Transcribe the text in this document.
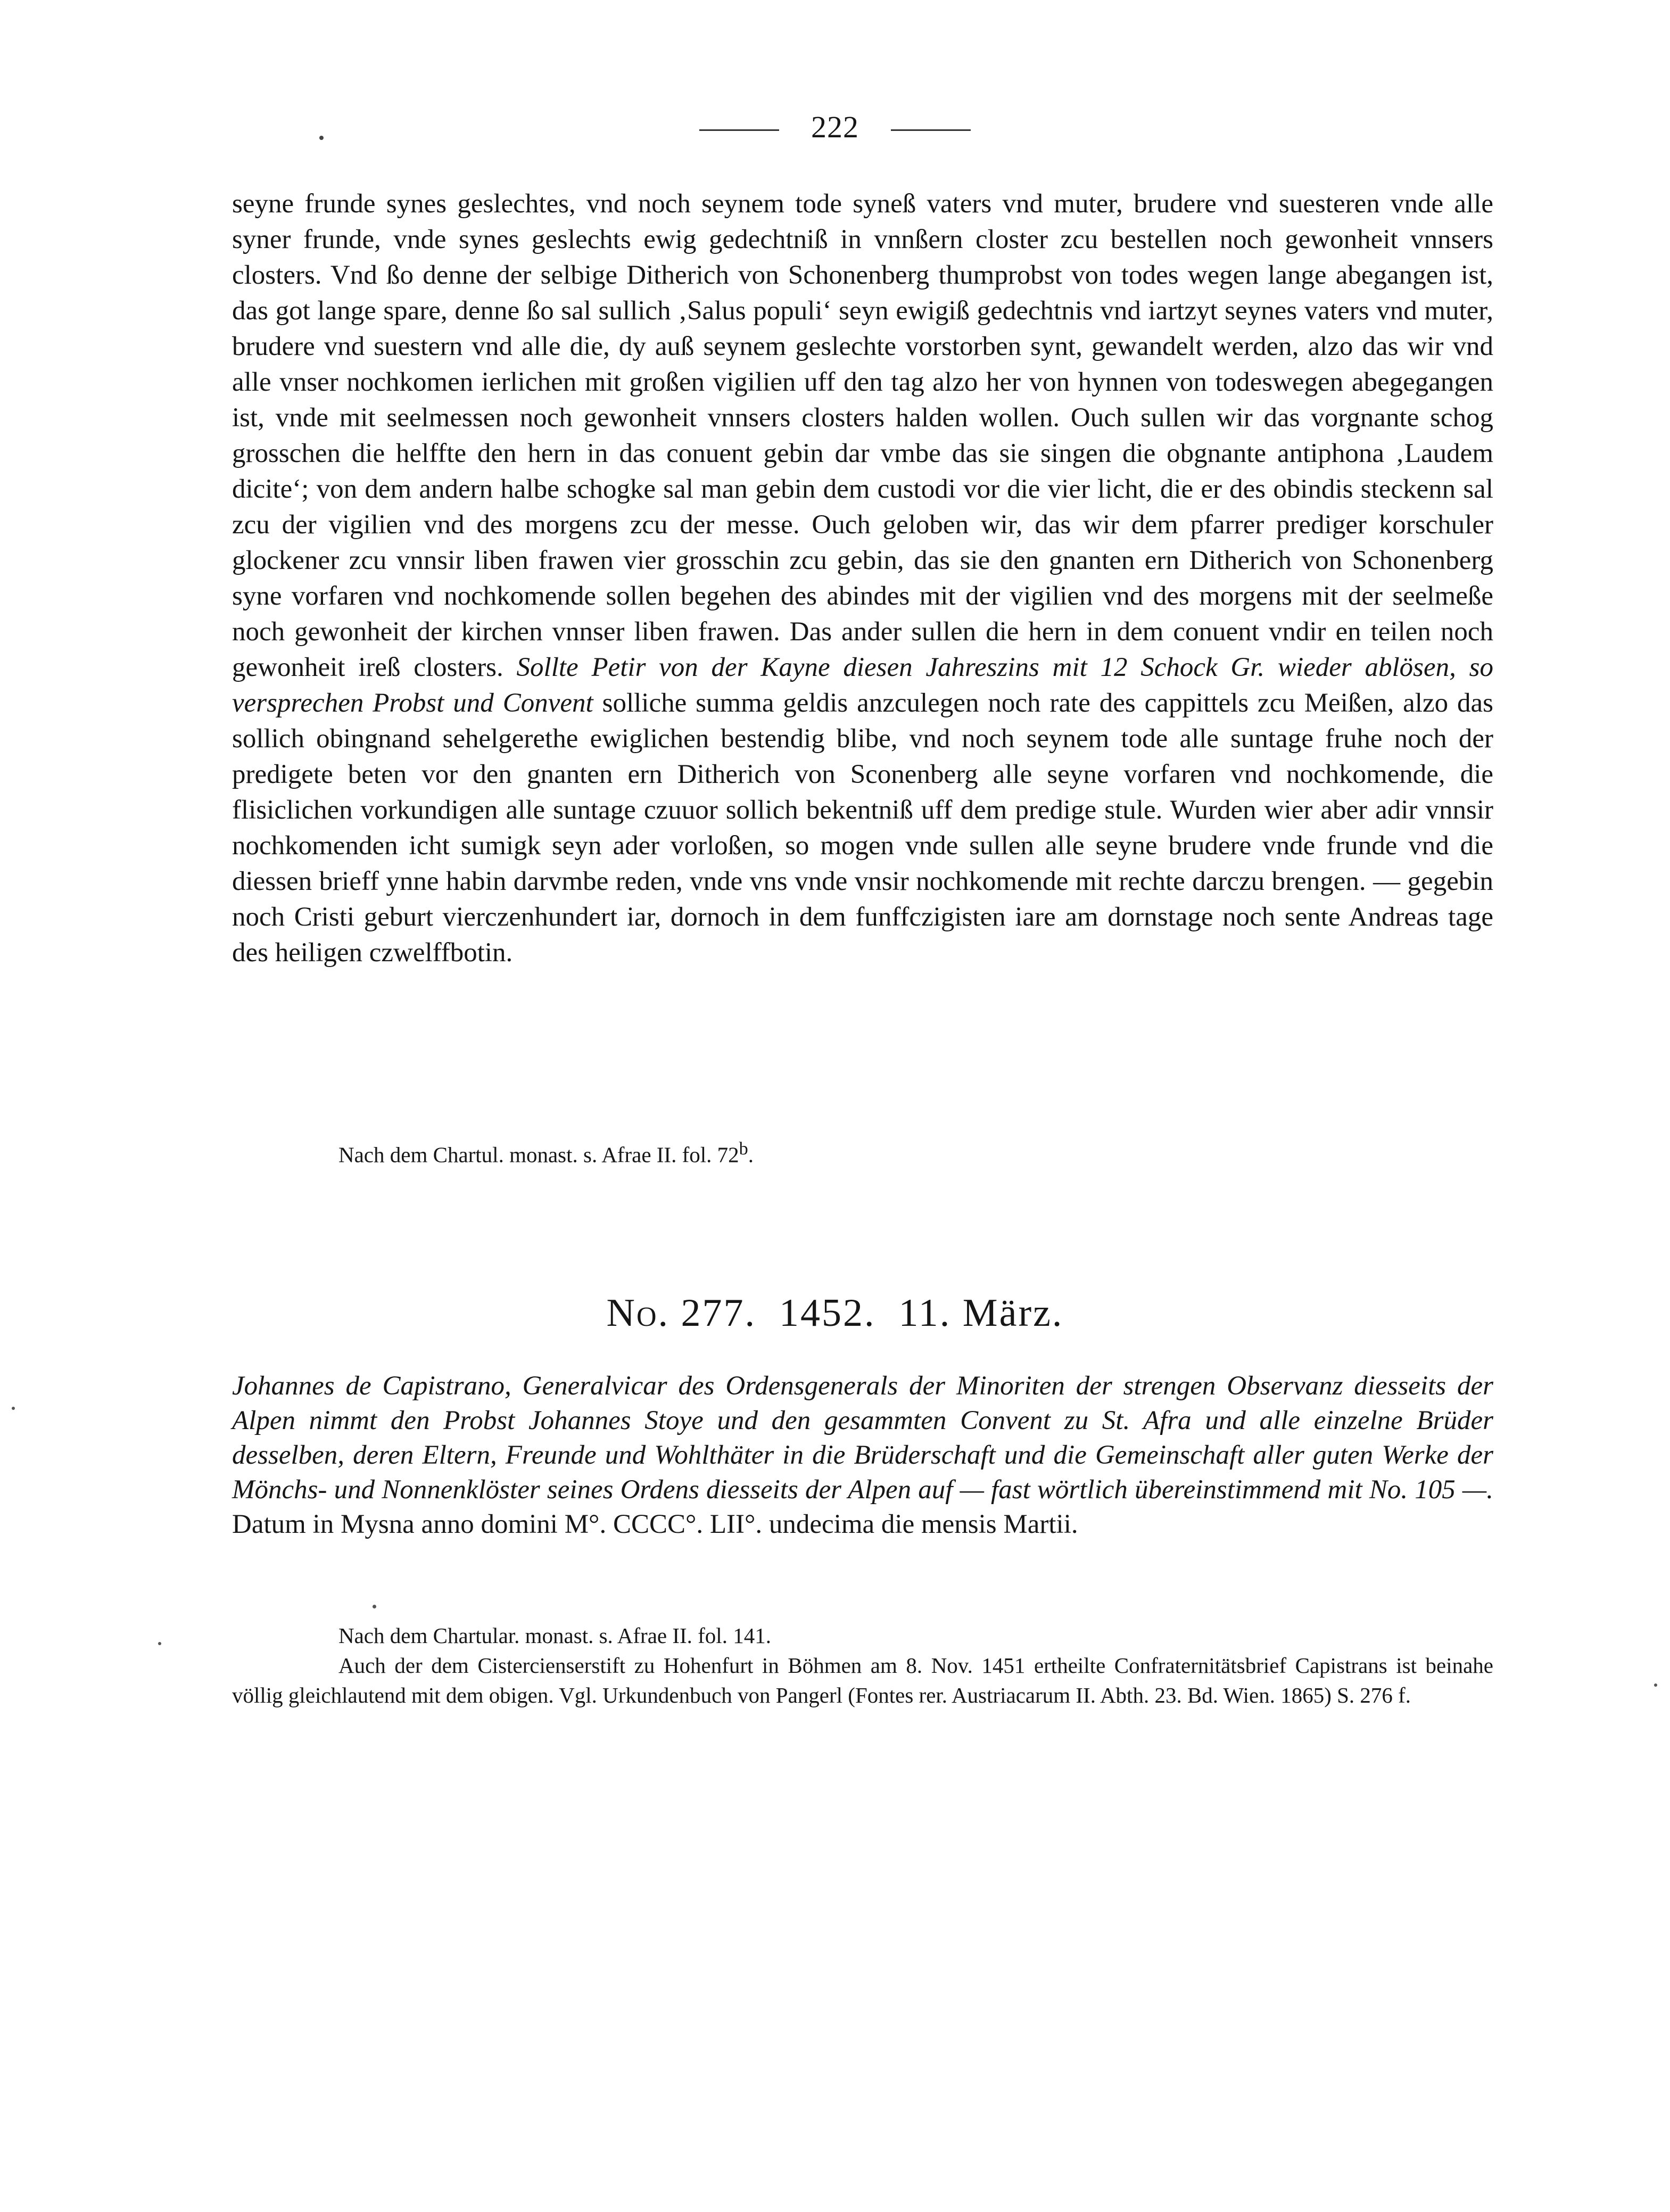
222

seyne frunde synes geslechtes, vnd noch seynem tode syneß vaters vnd muter, brudere vnd suesteren vnde alle syner frunde, vnde synes geslechts ewig gedechtniß in vnnßern closter zcu bestellen noch gewonheit vnnsers closters. Vnd ßo denne der selbige Ditherich von Schonenberg thumprobst von todes wegen lange abegangen ist, das got lange spare, denne ßo sal sullich ‚Salus populi‘ seyn ewigiß gedechtnis vnd iartzyt seynes vaters vnd muter, brudere vnd suestern vnd alle die, dy auß seynem geslechte vorstorben synt, gewandelt werden, alzo das wir vnd alle vnser nochkomen ierlichen mit großen vigilien uff den tag alzo her von hynnen von todeswegen abegegangen ist, vnde mit seelmessen noch gewonheit vnnsers closters halden wollen. Ouch sullen wir das vorgnante schog grosschen die helffte den hern in das conuent gebin dar vmbe das sie singen die obgnante antiphona ‚Laudem dicite‘; von dem andern halbe schogke sal man gebin dem custodi vor die vier licht, die er des obindis steckenn sal zcu der vigilien vnd des morgens zcu der messe. Ouch geloben wir, das wir dem pfarrer prediger korschuler glockener zcu vnnsir liben frawen vier grosschin zcu gebin, das sie den gnanten ern Ditherich von Schonenberg syne vorfaren vnd nochkomende sollen begehen des abindes mit der vigilien vnd des morgens mit der seelmeße noch gewonheit der kirchen vnnser liben frawen. Das ander sullen die hern in dem conuent vndir en teilen noch gewonheit ireß closters. Sollte Petir von der Kayne diesen Jahreszins mit 12 Schock Gr. wieder ablösen, so versprechen Probst und Convent solliche summa geldis anzculegen noch rate des cappittels zcu Meißen, alzo das sollich obingnand sehelgerethe ewiglichen bestendig blibe, vnd noch seynem tode alle suntage fruhe noch der predigete beten vor den gnanten ern Ditherich von Sconenberg alle seyne vorfaren vnd nochkomende, die flisiclichen vorkundigen alle suntage czuuor sollich bekentniß uff dem predige stule. Wurden wier aber adir vnnsir nochkomenden icht sumigk seyn ader vorloßen, so mogen vnde sullen alle seyne brudere vnde frunde vnd die diessen brieff ynne habin darvmbe reden, vnde vns vnde vnsir nochkomende mit rechte darczu brengen. — gegebin noch Cristi geburt vierczenhundert iar, dornoch in dem funffczigisten iare am dornstage noch sente Andreas tage des heiligen czwelffbotin.

Nach dem Chartul. monast. s. Afrae II. fol. 72$^b$.

No. 277. 1452. 11. März.

Johannes de Capistrano, Generalvicar des Ordensgenerals der Minoriten der strengen Observanz diesseits der Alpen nimmt den Probst Johannes Stoye und den gesammten Convent zu St. Afra und alle einzelne Brüder desselben, deren Eltern, Freunde und Wohlthäter in die Brüderschaft und die Gemeinschaft aller guten Werke der Mönchs- und Nonnenklöster seines Ordens diesseits der Alpen auf — fast wörtlich übereinstimmend mit No. 105 —. Datum in Mysna anno domini M°. CCCC°. LII°. undecima die mensis Martii.

Nach dem Chartular. monast. s. Afrae II. fol. 141.

Auch der dem Cistercienserstift zu Hohenfurt in Böhmen am 8. Nov. 1451 ertheilte Confraternitätsbrief Capistrans ist beinahe völlig gleichlautend mit dem obigen. Vgl. Urkundenbuch von Pangerl (Fontes rer. Austriacarum II. Abth. 23. Bd. Wien. 1865) S. 276 f.
